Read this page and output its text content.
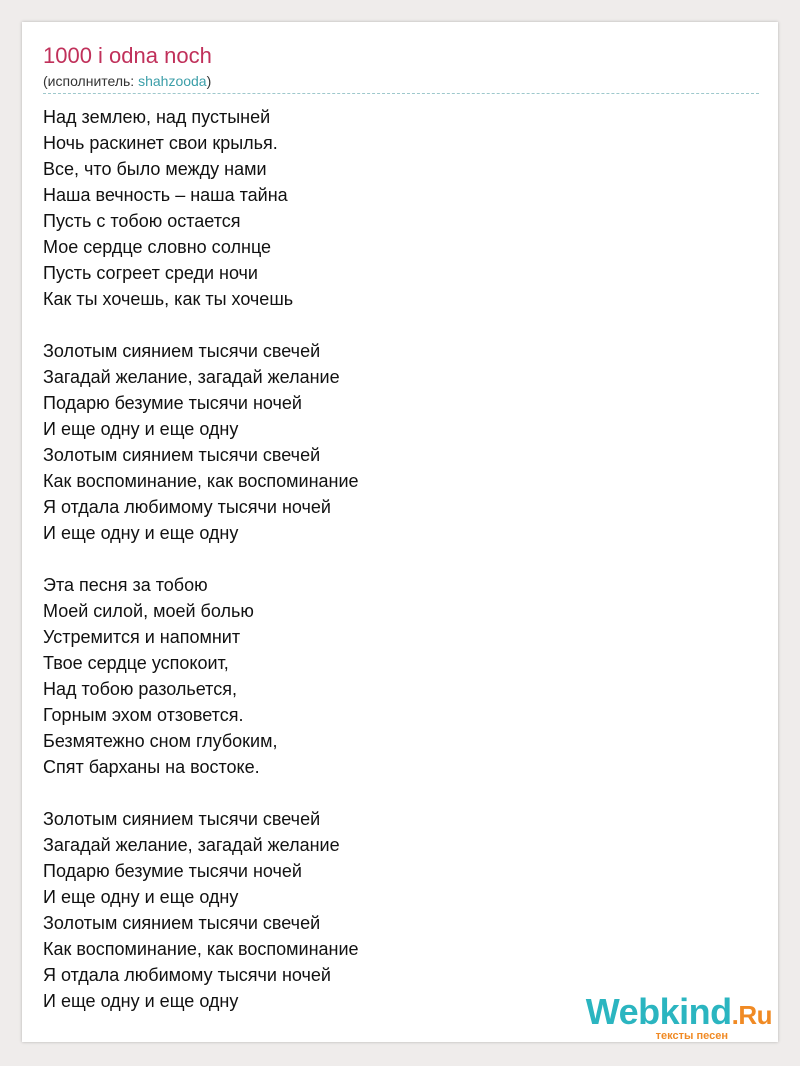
1000 i odna noch
(исполнитель: shahzooda)
Над землею, над пустыней
Ночь раскинет свои крылья.
Все, что было между нами
Наша вечность – наша тайна
Пусть с тобою остается
Мое сердце словно солнце
Пусть согреет среди ночи
Как ты хочешь, как ты хочешь
Золотым сиянием тысячи свечей
Загадай желание, загадай желание
Подарю безумие тысячи ночей
И еще одну и еще одну
Золотым сиянием тысячи свечей
Как воспоминание, как воспоминание
Я отдала любимому тысячи ночей
И еще одну и еще одну
Эта песня за тобою
Моей силой, моей болью
Устремится и напомнит
Твое сердце успокоит,
Над тобою разольется,
Горным эхом отзовется.
Безмятежно сном глубоким,
Спят барханы на востоке.
Золотым сиянием тысячи свечей
Загадай желание, загадай желание
Подарю безумие тысячи ночей
И еще одну и еще одну
Золотым сиянием тысячи свечей
Как воспоминание, как воспоминание
Я отдала любимому тысячи ночей
И еще одну и еще одну	Webkind.Ru
тексты песен
